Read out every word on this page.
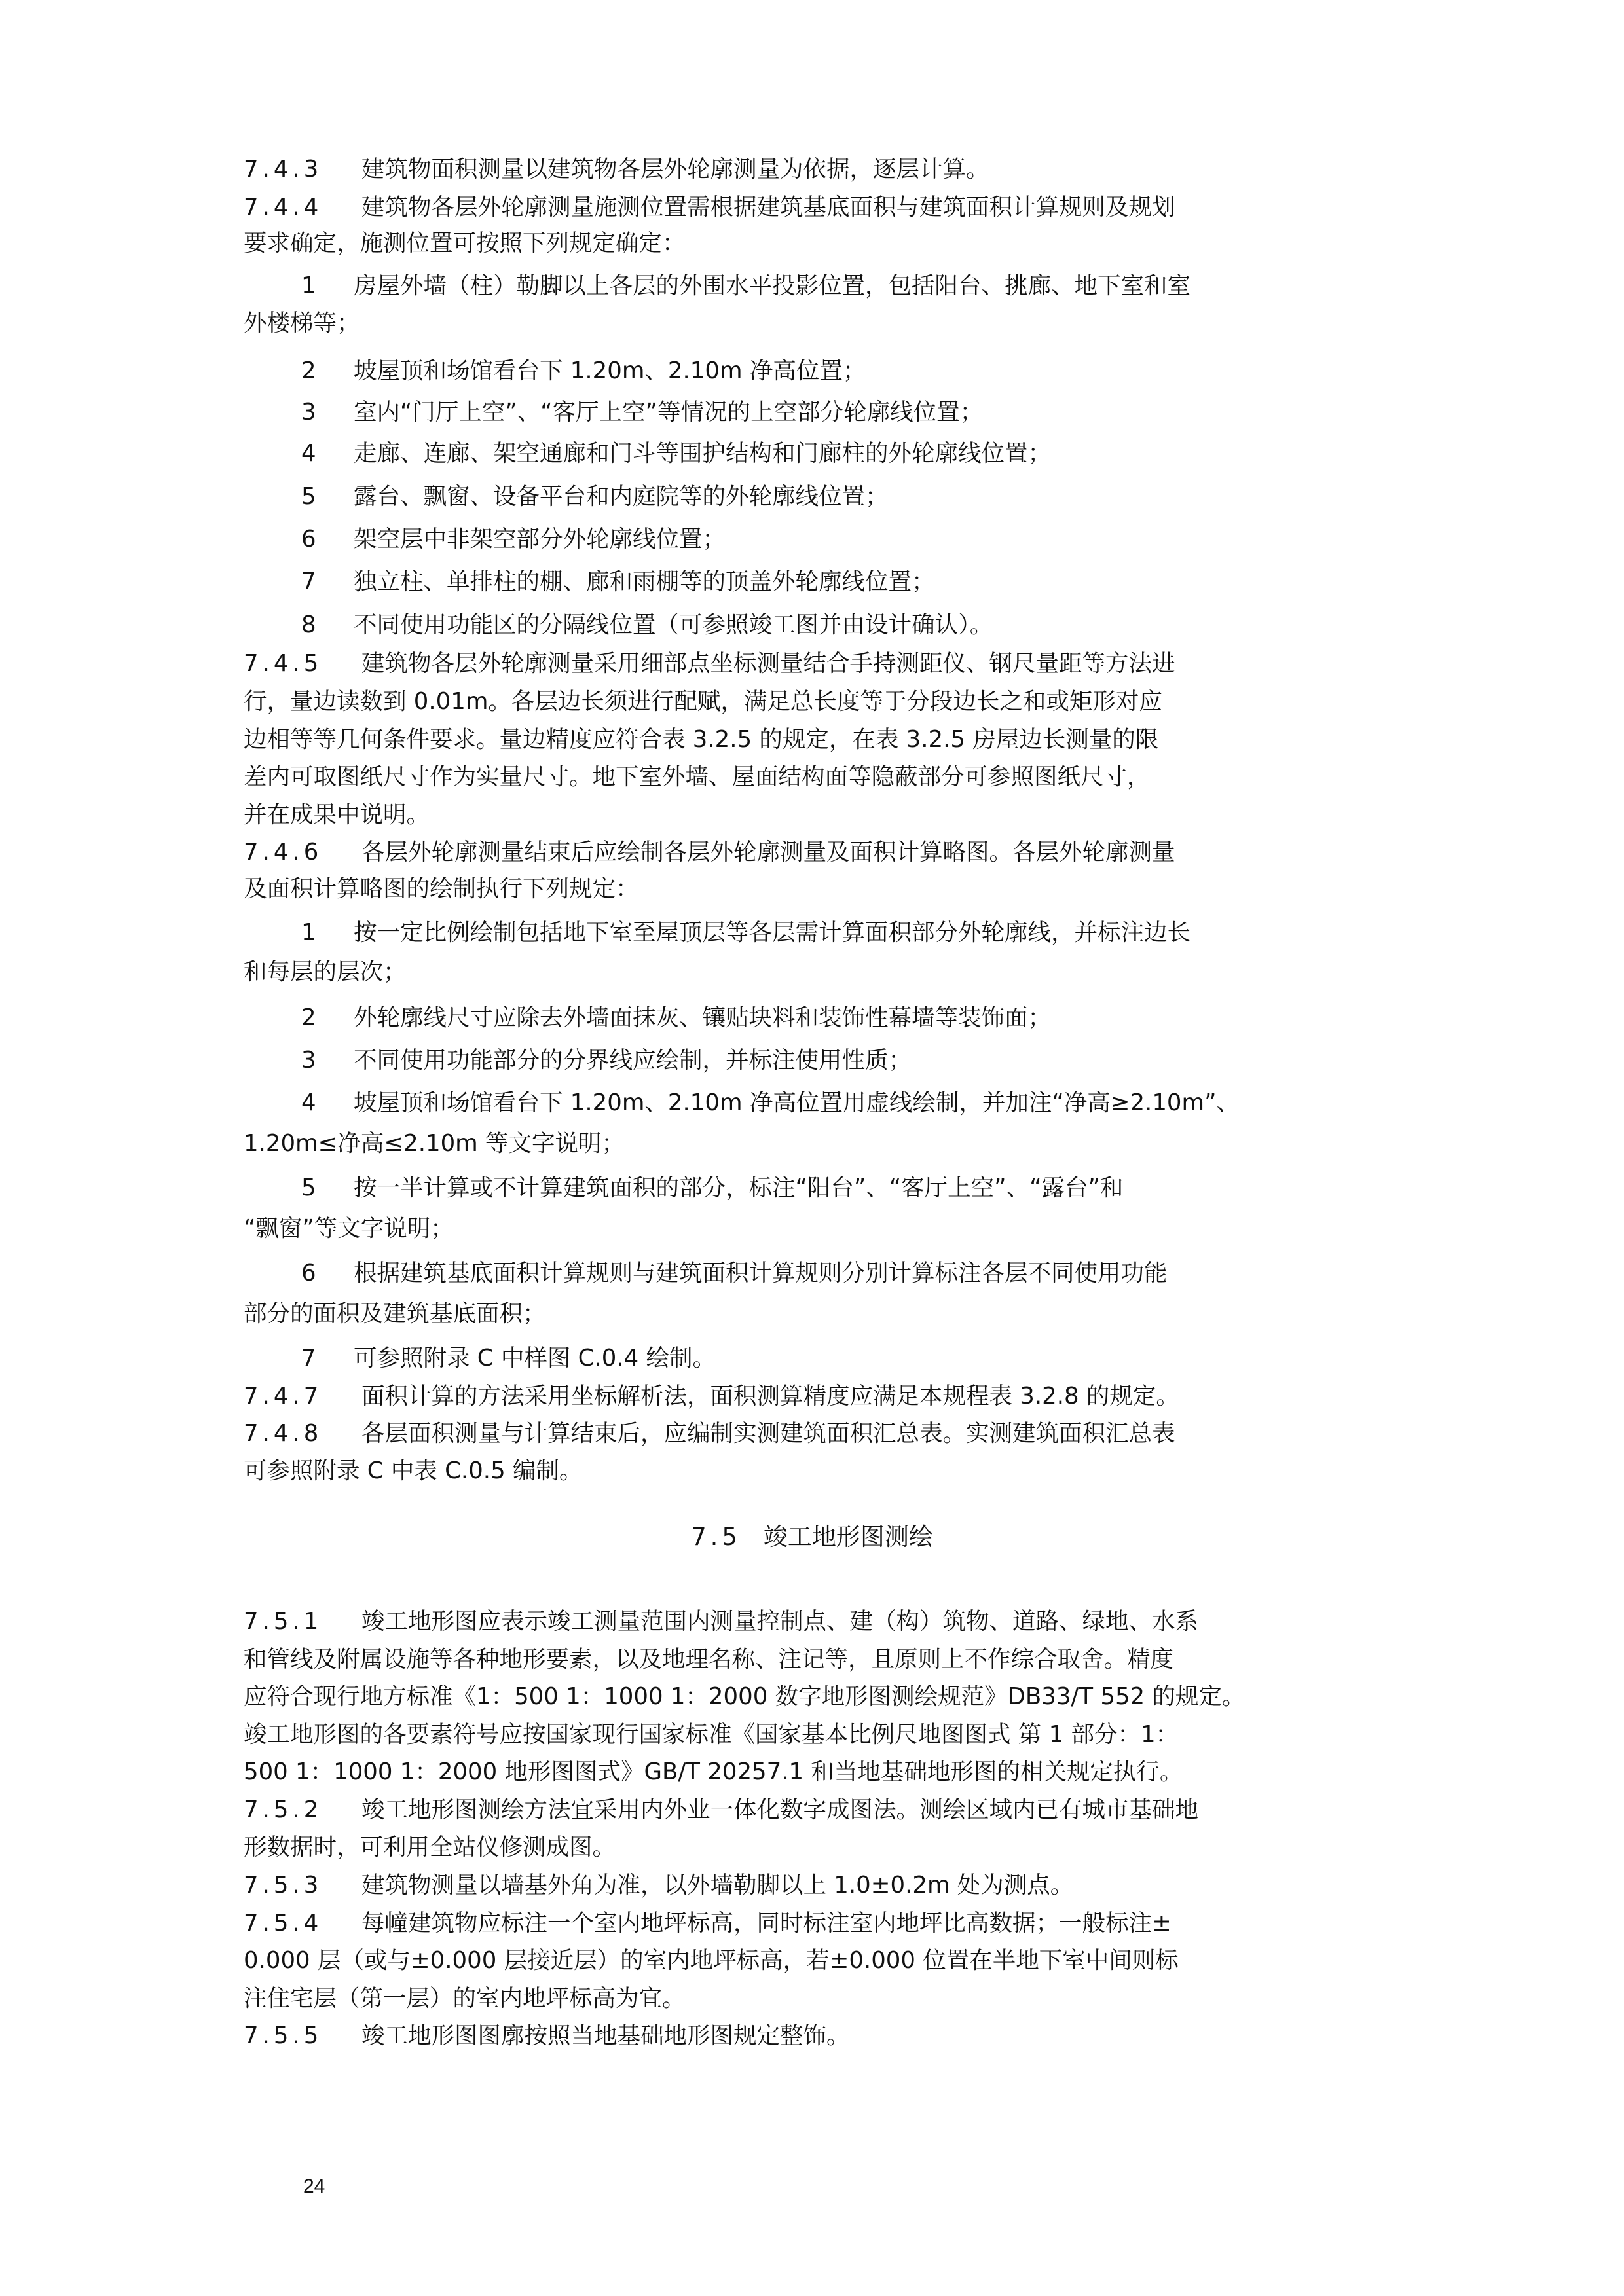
7.4.3 建筑物面积测量以建筑物各层外轮廓测量为依据，逐层计算。
7.4.4 建筑物各层外轮廓测量施测位置需根据建筑基底面积与建筑面积计算规则及规划
要求确定，施测位置可按照下列规定确定：
1 房屋外墙（柱）勒脚以上各层的外围水平投影位置，包括阳台、挑廊、地下室和室
外楼梯等；
2 坡屋顶和场馆看台下 1.20m、2.10m 净高位置；
3 室内“门厅上空”、“客厅上空”等情况的上空部分轮廓线位置；
4 走廊、连廊、架空通廊和门斗等围护结构和门廊柱的外轮廓线位置；
5 露台、飘窗、设备平台和内庭院等的外轮廓线位置；
6 架空层中非架空部分外轮廓线位置；
7 独立柱、单排柱的棚、廊和雨棚等的顶盖外轮廓线位置；
8 不同使用功能区的分隔线位置（可参照竣工图并由设计确认）。
7.4.5 建筑物各层外轮廓测量采用细部点坐标测量结合手持测距仪、钢尺量距等方法进
行，量边读数到 0.01m。各层边长须进行配赋，满足总长度等于分段边长之和或矩形对应
边相等等几何条件要求。量边精度应符合表 3.2.5 的规定，在表 3.2.5 房屋边长测量的限
差内可取图纸尺寸作为实量尺寸。地下室外墙、屋面结构面等隐蔽部分可参照图纸尺寸，
并在成果中说明。
7.4.6 各层外轮廓测量结束后应绘制各层外轮廓测量及面积计算略图。各层外轮廓测量
及面积计算略图的绘制执行下列规定：
1 按一定比例绘制包括地下室至屋顶层等各层需计算面积部分外轮廓线，并标注边长
和每层的层次；
2 外轮廓线尺寸应除去外墙面抹灰、镶贴块料和装饰性幕墙等装饰面；
3 不同使用功能部分的分界线应绘制，并标注使用性质；
4 坡屋顶和场馆看台下 1.20m、2.10m 净高位置用虚线绘制，并加注“净高≥2.10m”、
1.20m≤净高≤2.10m 等文字说明；
5 按一半计算或不计算建筑面积的部分，标注“阳台”、“客厅上空”、“露台”和
“飘窗”等文字说明；
6 根据建筑基底面积计算规则与建筑面积计算规则分别计算标注各层不同使用功能
部分的面积及建筑基底面积；
7 可参照附录 C 中样图 C.0.4 绘制。
7.4.7 面积计算的方法采用坐标解析法，面积测算精度应满足本规程表 3.2.8 的规定。
7.4.8 各层面积测量与计算结束后，应编制实测建筑面积汇总表。实测建筑面积汇总表
可参照附录 C 中表 C.0.5 编制。
7.5 竣工地形图测绘
7.5.1 竣工地形图应表示竣工测量范围内测量控制点、建（构）筑物、道路、绿地、水系
和管线及附属设施等各种地形要素，以及地理名称、注记等，且原则上不作综合取舍。精度
应符合现行地方标准《1：500 1：1000 1：2000 数字地形图测绘规范》DB33/T 552 的规定。
竣工地形图的各要素符号应按国家现行国家标准《国家基本比例尺地图图式 第 1 部分：1：
500 1：1000 1：2000 地形图图式》GB/T 20257.1 和当地基础地形图的相关规定执行。
7.5.2 竣工地形图测绘方法宜采用内外业一体化数字成图法。测绘区域内已有城市基础地
形数据时，可利用全站仪修测成图。
7.5.3 建筑物测量以墙基外角为准，以外墙勒脚以上 1.0±0.2m 处为测点。
7.5.4 每幢建筑物应标注一个室内地坪标高，同时标注室内地坪比高数据；一般标注±
0.000 层（或与±0.000 层接近层）的室内地坪标高，若±0.000 位置在半地下室中间则标
注住宅层（第一层）的室内地坪标高为宜。
7.5.5 竣工地形图图廓按照当地基础地形图规定整饰。
24
